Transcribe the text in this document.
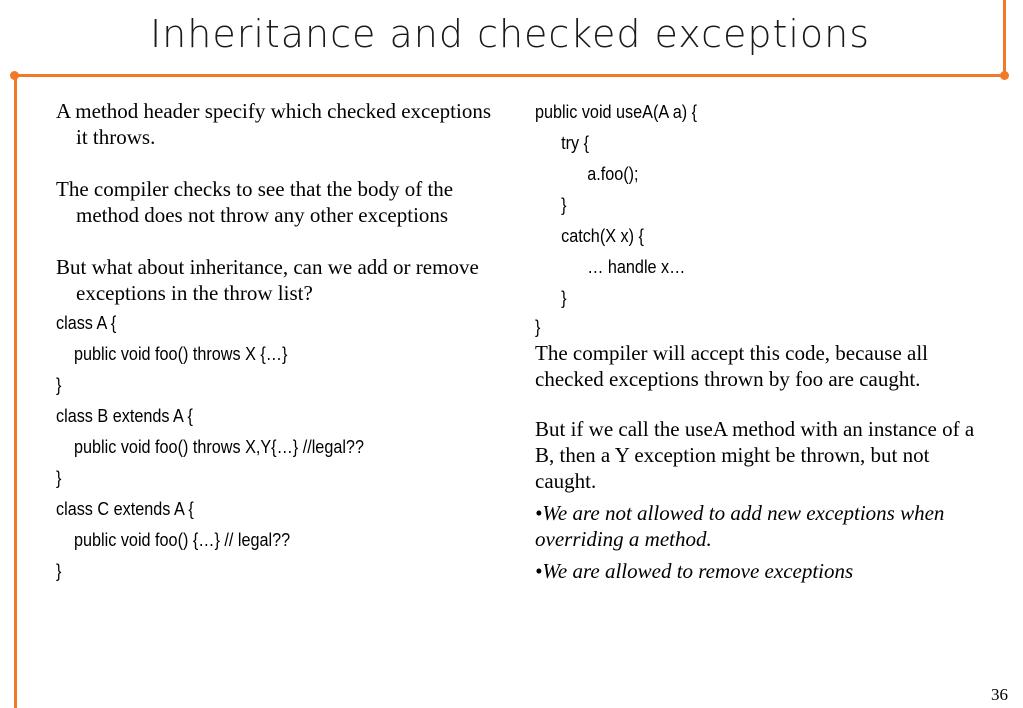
Inheritance and checked exceptions

A method header specify which checked exceptions it throws.

The compiler checks to see that the body of the method does not throw any other exceptions

But what about inheritance, can we add or remove exceptions in the throw list?

class A {
public void foo() throws X {…}
}
class B extends A {
public void foo() throws X,Y{…} //legal??
}
class C extends A {
public void foo() {…} // legal??
}
public void useA(A a) {
try {
a.foo();
}
catch(X x) {
… handle x…
}
}

The compiler will accept this code, because all checked exceptions thrown by foo are caught.

But if we call the useA method with an instance of a B, then a Y exception might be thrown, but not caught.

•We are not allowed to add new exceptions when overriding a method.

•We are allowed to remove exceptions

36
